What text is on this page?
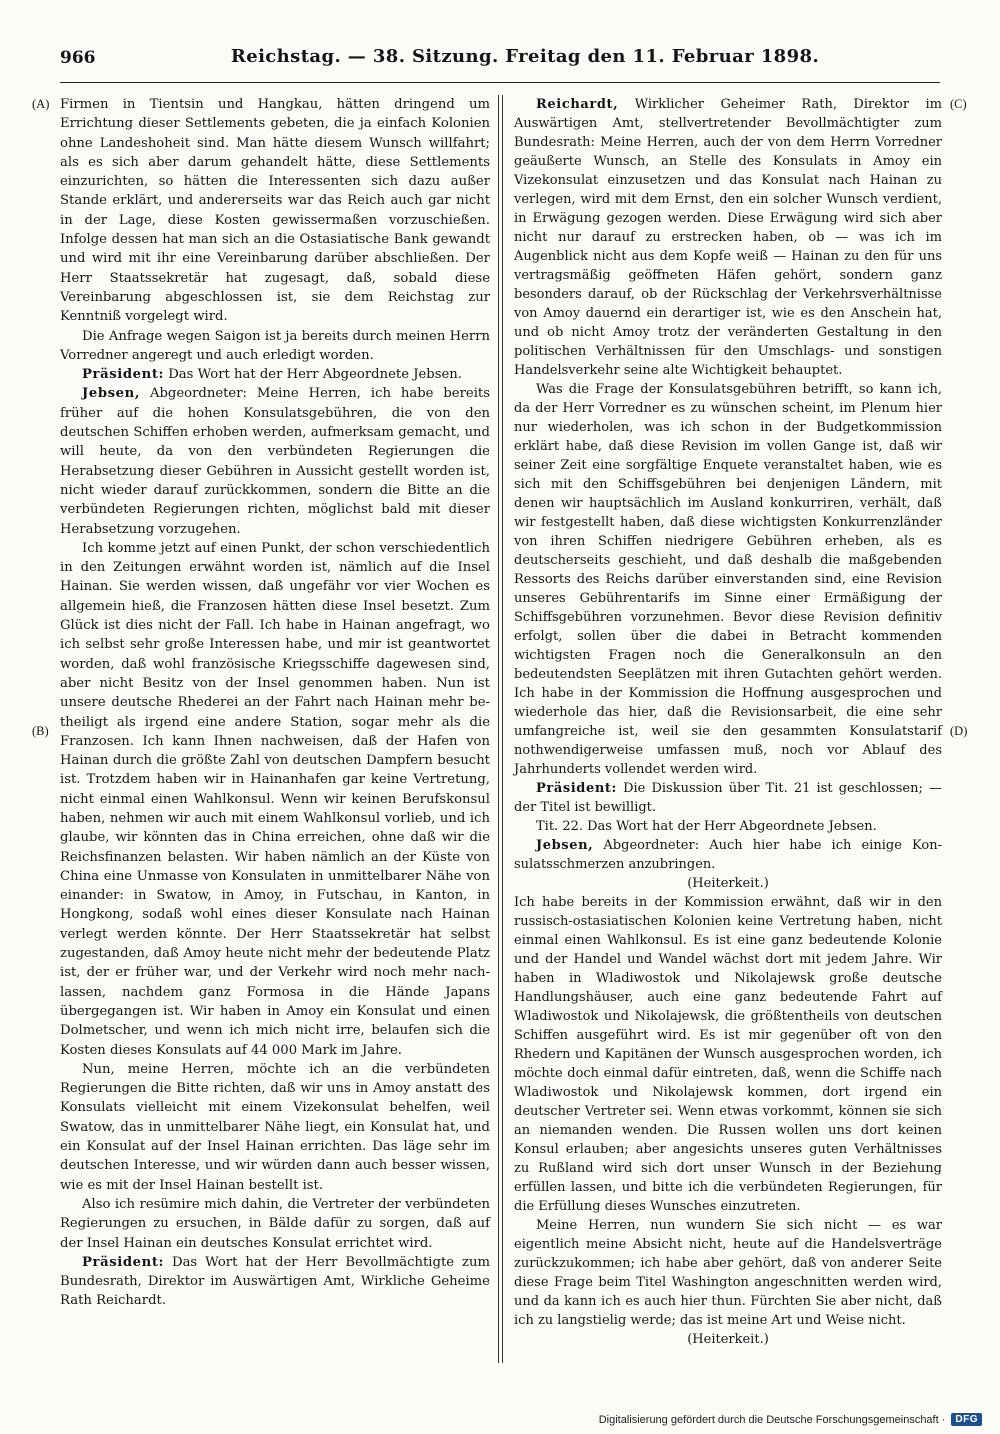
966	Reichstag. — 38. Sitzung. Freitag den 11. Februar 1898.
(A)
(B)
(C)
(D)

Firmen in Tientsin und Hangkau, hätten dringend um Errichtung dieser Settlements gebeten, die ja einfach Kolonien ohne Landeshoheit sind. Man hätte diesem Wunsch willfahrt; als es sich aber darum gehandelt hätte, diese Settlements einzurichten, so hätten die Interessenten sich dazu außer Stande erklärt, und andererseits war das Reich auch gar nicht in der Lage, diese Kosten gewissermaßen vorzuschießen. Infolge dessen hat man sich an die Ostasiatische Bank gewandt und wird mit ihr eine Vereinbarung darüber abschließen. Der Herr Staatssekretär hat zugesagt, daß, sobald diese Vereinbarung abgeschlossen ist, sie dem Reichstag zur Kenntniß vorgelegt wird.

Die Anfrage wegen Saigon ist ja bereits durch meinen Herrn Vorredner angeregt und auch erledigt worden.

Präsident: Das Wort hat der Herr Abgeordnete Jebsen.

Jebsen, Abgeordneter: Meine Herren, ich habe bereits früher auf die hohen Konsulatsgebühren, die von den deutschen Schiffen erhoben werden, aufmerksam gemacht, und will heute, da von den verbündeten Regierungen die Herabsetzung dieser Gebühren in Aussicht gestellt worden ist, nicht wieder darauf zurückkommen, sondern die Bitte an die verbündeten Regierungen richten, möglichst bald mit dieser Herabsetzung vorzugehen.

Ich komme jetzt auf einen Punkt, der schon verschiedentlich in den Zeitungen erwähnt worden ist, nämlich auf die Insel Hainan. Sie werden wissen, daß ungefähr vor vier Wochen es allgemein hieß, die Franzosen hätten diese Insel besetzt. Zum Glück ist dies nicht der Fall. Ich habe in Hainan angefragt, wo ich selbst sehr große Interessen habe, und mir ist geantwortet worden, daß wohl französische Kriegsschiffe dagewesen sind, aber nicht Besitz von der Insel genommen haben. Nun ist unsere deutsche Rhederei an der Fahrt nach Hainan mehr betheiligt als irgend eine andere Station, sogar mehr als die Franzosen. Ich kann Ihnen nachweisen, daß der Hafen von Hainan durch die größte Zahl von deutschen Dampfern besucht ist. Trotzdem haben wir in Hainanhafen gar keine Vertretung, nicht einmal einen Wahlkonsul. Wenn wir keinen Berufskonsul haben, nehmen wir auch mit einem Wahlkonsul vorlieb, und ich glaube, wir könnten das in China erreichen, ohne daß wir die Reichsfinanzen belasten. Wir haben nämlich an der Küste von China eine Unmasse von Konsulaten in unmittelbarer Nähe von einander: in Swatow, in Amoy, in Futschau, in Kanton, in Hongkong, sodaß wohl eines dieser Konsulate nach Hainan verlegt werden könnte. Der Herr Staatssekretär hat selbst zugestanden, daß Amoy heute nicht mehr der bedeutende Platz ist, der er früher war, und der Verkehr wird noch mehr nachlassen, nachdem ganz Formosa in die Hände Japans übergegangen ist. Wir haben in Amoy ein Konsulat und einen Dolmetscher, und wenn ich mich nicht irre, belaufen sich die Kosten dieses Konsulats auf 44 000 Mark im Jahre.

Nun, meine Herren, möchte ich an die verbündeten Regierungen die Bitte richten, daß wir uns in Amoy anstatt des Konsulats vielleicht mit einem Vizekonsulat behelfen, weil Swatow, das in unmittelbarer Nähe liegt, ein Konsulat hat, und ein Konsulat auf der Insel Hainan errichten. Das läge sehr im deutschen Interesse, und wir würden dann auch besser wissen, wie es mit der Insel Hainan bestellt ist.

Also ich resümire mich dahin, die Vertreter der verbündeten Regierungen zu ersuchen, in Bälde dafür zu sorgen, daß auf der Insel Hainan ein deutsches Konsulat errichtet wird.

Präsident: Das Wort hat der Herr Bevollmächtigte zum Bundesrath, Direktor im Auswärtigen Amt, Wirkliche Geheime Rath Reichardt.

Reichardt, Wirklicher Geheimer Rath, Direktor im Auswärtigen Amt, stellvertretender Bevollmächtigter zum Bundesrath: Meine Herren, auch der von dem Herrn Vorredner geäußerte Wunsch, an Stelle des Konsulats in Amoy ein Vizekonsulat einzusetzen und das Konsulat nach Hainan zu verlegen, wird mit dem Ernst, den ein solcher Wunsch verdient, in Erwägung gezogen werden. Diese Erwägung wird sich aber nicht nur darauf zu erstrecken haben, ob — was ich im Augenblick nicht aus dem Kopfe weiß — Hainan zu den für uns vertragsmäßig geöffneten Häfen gehört, sondern ganz besonders darauf, ob der Rückschlag der Verkehrsverhältnisse von Amoy dauernd ein derartiger ist, wie es den Anschein hat, und ob nicht Amoy trotz der veränderten Gestaltung in den politischen Verhältnissen für den Umschlags- und sonstigen Handelsverkehr seine alte Wichtigkeit behauptet.

Was die Frage der Konsulatsgebühren betrifft, so kann ich, da der Herr Vorredner es zu wünschen scheint, im Plenum hier nur wiederholen, was ich schon in der Budgetkommission erklärt habe, daß diese Revision im vollen Gange ist, daß wir seiner Zeit eine sorgfältige Enquete veranstaltet haben, wie es sich mit den Schiffsgebühren bei denjenigen Ländern, mit denen wir hauptsächlich im Ausland konkurriren, verhält, daß wir festgestellt haben, daß diese wichtigsten Konkurrenzländer von ihren Schiffen niedrigere Gebühren erheben, als es deutscherseits geschieht, und daß deshalb die maßgebenden Ressorts des Reichs darüber einverstanden sind, eine Revision unseres Gebührentarifs im Sinne einer Ermäßigung der Schiffsgebühren vorzunehmen. Bevor diese Revision definitiv erfolgt, sollen über die dabei in Betracht kommenden wichtigsten Fragen noch die Generalkonsuln an den bedeutendsten Seeplätzen mit ihren Gutachten gehört werden. Ich habe in der Kommission die Hoffnung ausgesprochen und wiederhole das hier, daß die Revisionsarbeit, die eine sehr umfangreiche ist, weil sie den gesammten Konsulatstarif nothwendigerweise umfassen muß, noch vor Ablauf des Jahrhunderts vollendet werden wird.

Präsident: Die Diskussion über Tit. 21 ist geschlossen; — der Titel ist bewilligt.

Tit. 22. Das Wort hat der Herr Abgeordnete Jebsen.

Jebsen, Abgeordneter: Auch hier habe ich einige Konsulatsschmerzen anzubringen.

(Heiterkeit.)

Ich habe bereits in der Kommission erwähnt, daß wir in den russisch-ostasiatischen Kolonien keine Vertretung haben, nicht einmal einen Wahlkonsul. Es ist eine ganz bedeutende Kolonie und der Handel und Wandel wächst dort mit jedem Jahre. Wir haben in Wladiwostok und Nikolajewsk große deutsche Handlungshäuser, auch eine ganz bedeutende Fahrt auf Wladiwostok und Nikolajewsk, die größtentheils von deutschen Schiffen ausgeführt wird. Es ist mir gegenüber oft von den Rhedern und Kapitänen der Wunsch ausgesprochen worden, ich möchte doch einmal dafür eintreten, daß, wenn die Schiffe nach Wladiwostok und Nikolajewsk kommen, dort irgend ein deutscher Vertreter sei. Wenn etwas vorkommt, können sie sich an niemanden wenden. Die Russen wollen uns dort keinen Konsul erlauben; aber angesichts unseres guten Verhältnisses zu Rußland wird sich dort unser Wunsch in der Beziehung erfüllen lassen, und bitte ich die verbündeten Regierungen, für die Erfüllung dieses Wunsches einzutreten.

Meine Herren, nun wundern Sie sich nicht — es war eigentlich meine Absicht nicht, heute auf die Handelsverträge zurückzukommen; ich habe aber gehört, daß von anderer Seite diese Frage beim Titel Washington angeschnitten werden wird, und da kann ich es auch hier thun. Fürchten Sie aber nicht, daß ich zu langstielig werde; das ist meine Art und Weise nicht.

(Heiterkeit.)

Digitalisierung gefördert durch die Deutsche Forschungsgemeinschaft ·	DFG
